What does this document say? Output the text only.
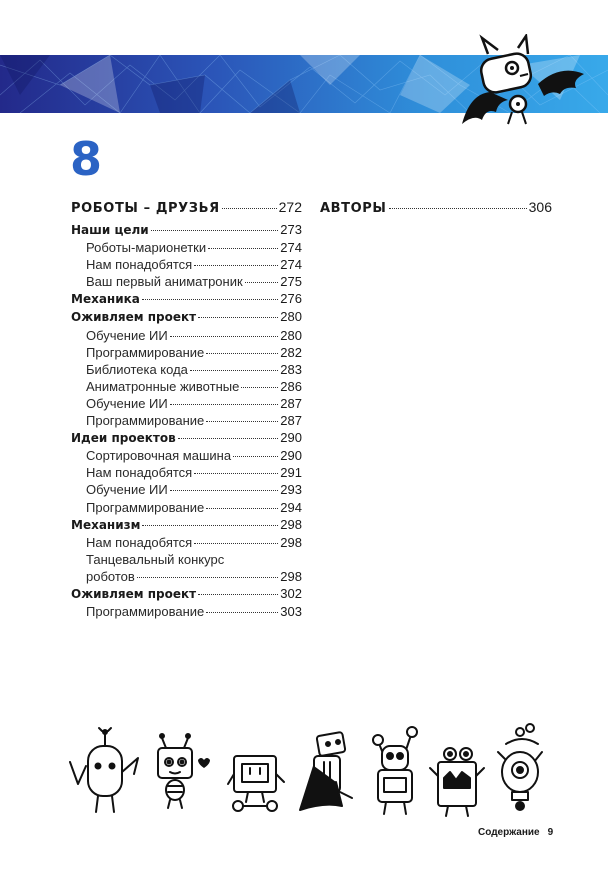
8
РОБОТЫ – ДРУЗЬЯ	272
Наши цели	273
Роботы-марионетки	274
Нам понадобятся	274
Ваш первый аниматроник	275
Механика	276
Оживляем проект	280
Обучение ИИ	280
Программирование	282
Библиотека кода	283
Аниматронные животные	286
Обучение ИИ	287
Программирование	287
Идеи проектов	290
Сортировочная машина	290
Нам понадобятся	291
Обучение ИИ	293
Программирование	294
Механизм	298
Нам понадобятся	298
Танцевальный конкурс
роботов	298
Оживляем проект	302
Программирование	303
АВТОРЫ	306
Содержание 9
